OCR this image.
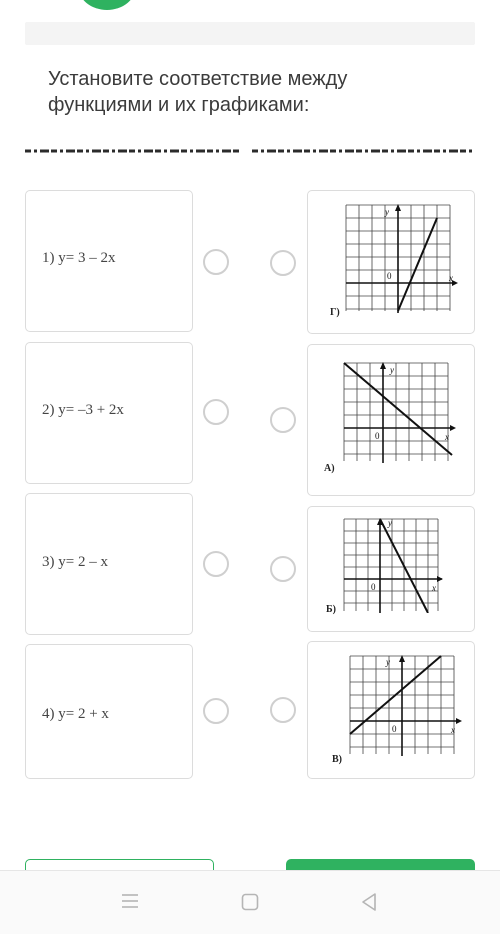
Установите соответствие между функциями и их графиками:
1) y= 3 – 2x
2) y= –3 + 2x
3) y= 2 – x
4) y= 2 + x
y
x
0
Г)
y
x
0
А)
y
x
0
Б)
y
x
0
В)
